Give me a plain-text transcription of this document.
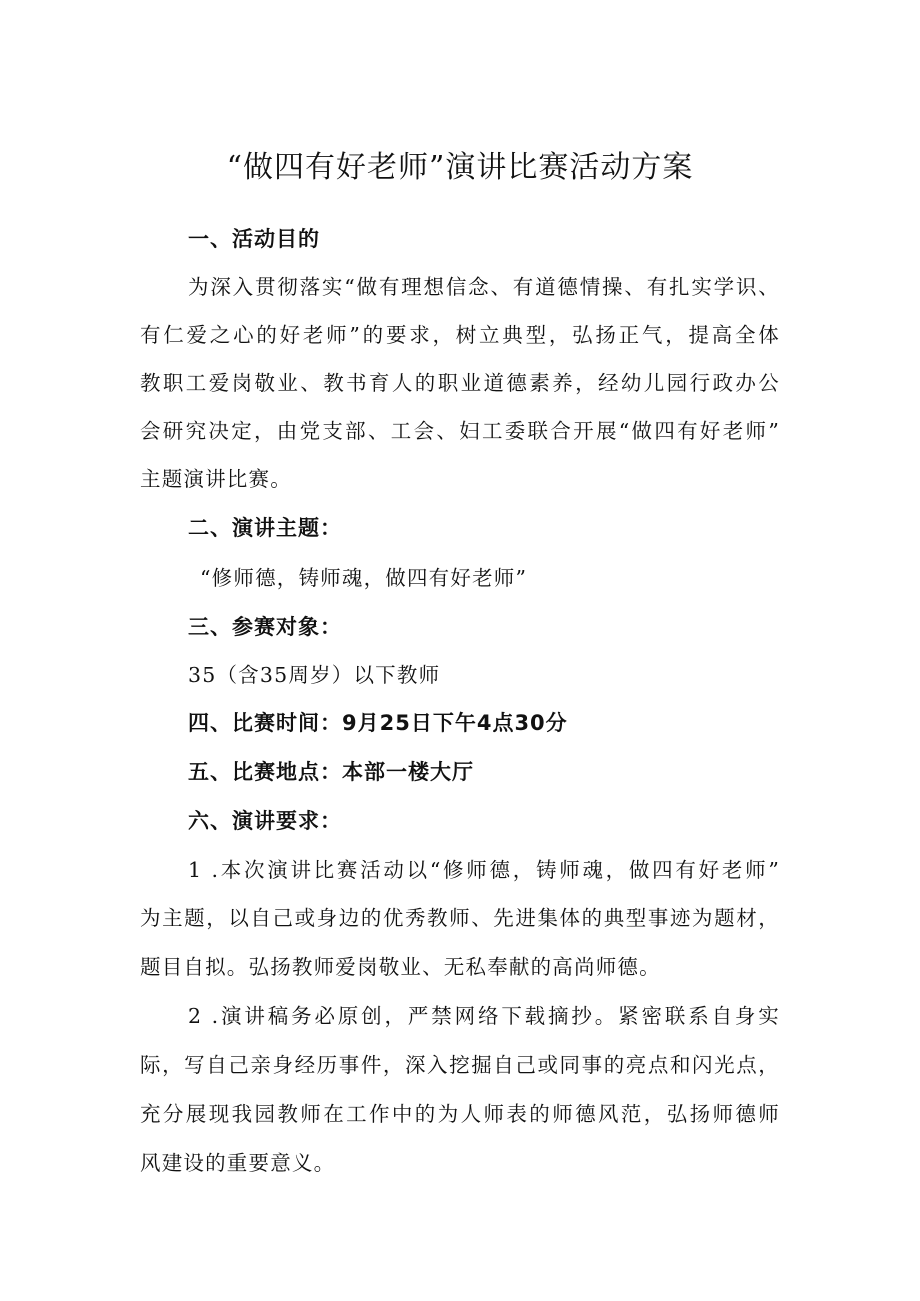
“做四有好老师”演讲比赛活动方案
一、活动目的
为深入贯彻落实“做有理想信念、有道德情操、有扎实学识、
有仁爱之心的好老师”的要求，树立典型，弘扬正气，提高全体
教职工爱岗敬业、教书育人的职业道德素养，经幼儿园行政办公
会研究决定，由党支部、工会、妇工委联合开展“做四有好老师”
主题演讲比赛。
二、演讲主题：
“修师德，铸师魂，做四有好老师”
三、参赛对象：
35（含35周岁）以下教师
四、比赛时间：9月25日下午4点30分
五、比赛地点：本部一楼大厅
六、演讲要求：
1 .本次演讲比赛活动以“修师德，铸师魂，做四有好老师”
为主题，以自己或身边的优秀教师、先进集体的典型事迹为题材，
题目自拟。弘扬教师爱岗敬业、无私奉献的高尚师德。
2 .演讲稿务必原创，严禁网络下载摘抄。紧密联系自身实
际，写自己亲身经历事件，深入挖掘自己或同事的亮点和闪光点，
充分展现我园教师在工作中的为人师表的师德风范，弘扬师德师
风建设的重要意义。
